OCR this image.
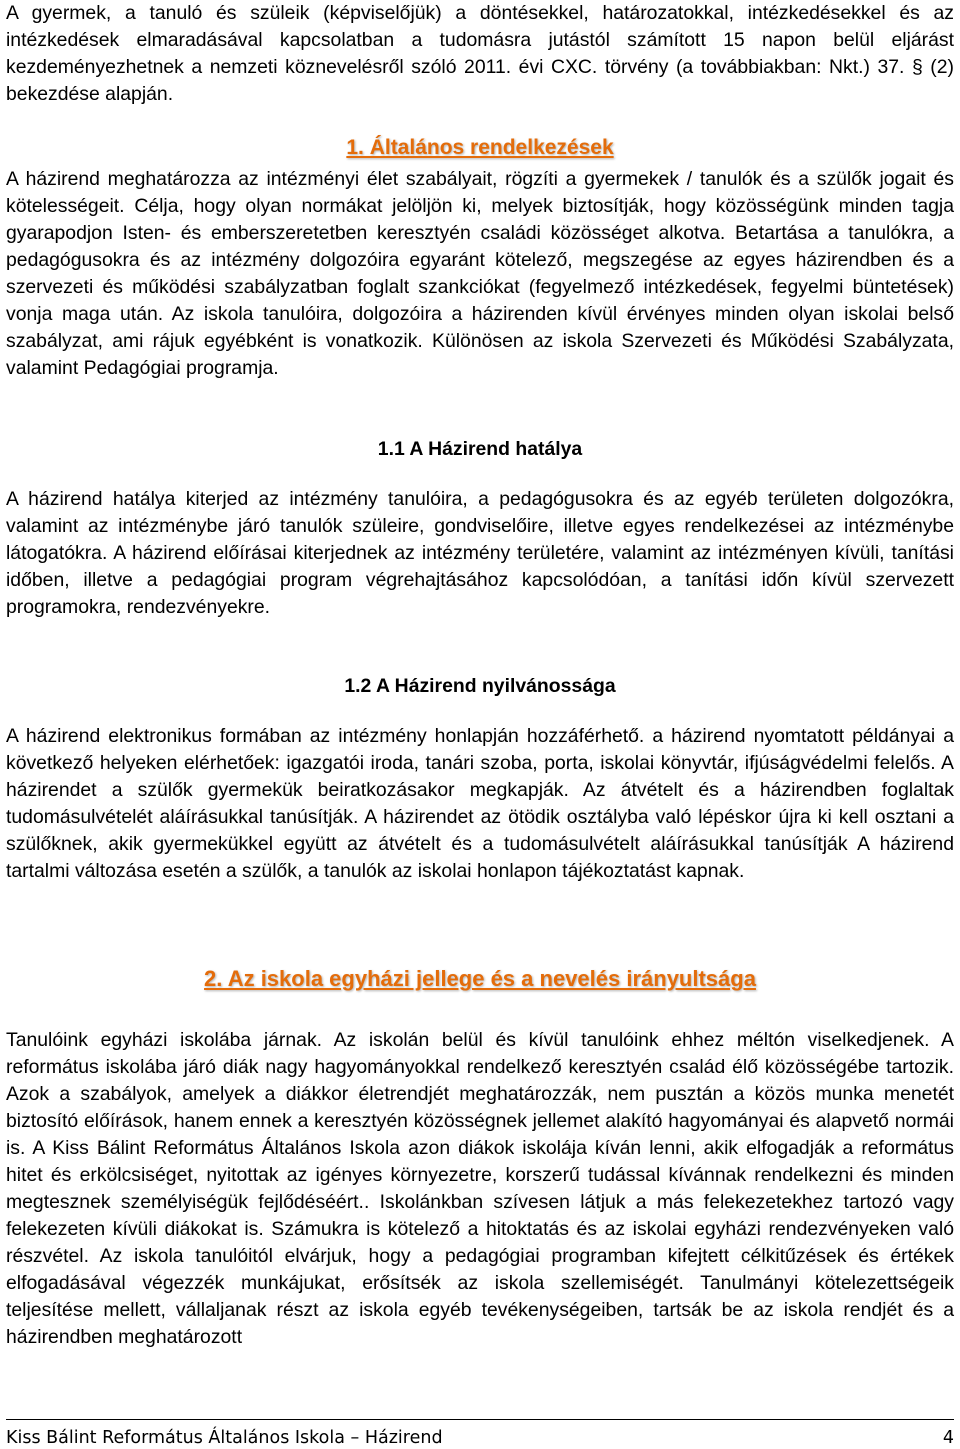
A gyermek, a tanuló és szüleik (képviselőjük) a döntésekkel, határozatokkal, intézkedésekkel és az intézkedések elmaradásával kapcsolatban a tudomásra jutástól számított 15 napon belül eljárást kezdeményezhetnek a nemzeti köznevelésről szóló 2011. évi CXC. törvény (a továbbiakban: Nkt.) 37. § (2) bekezdése alapján.

1. Általános rendelkezések

A házirend meghatározza az intézményi élet szabályait, rögzíti a gyermekek / tanulók és a szülők jogait és kötelességeit. Célja, hogy olyan normákat jelöljön ki, melyek biztosítják, hogy közösségünk minden tagja gyarapodjon Isten- és emberszeretetben keresztyén családi közösséget alkotva. Betartása a tanulókra, a pedagógusokra és az intézmény dolgozóira egyaránt kötelező, megszegése az egyes házirendben és a szervezeti és működési szabályzatban foglalt szankciókat (fegyelmező intézkedések, fegyelmi büntetések) vonja maga után. Az iskola tanulóira, dolgozóira a házirenden kívül érvényes minden olyan iskolai belső szabályzat, ami rájuk egyébként is vonatkozik. Különösen az iskola Szervezeti és Működési Szabályzata, valamint Pedagógiai programja.

1.1 A Házirend hatálya

A házirend hatálya kiterjed az intézmény tanulóira, a pedagógusokra és az egyéb területen dolgozókra, valamint az intézménybe járó tanulók szüleire, gondviselőire, illetve egyes rendelkezései az intézménybe látogatókra. A házirend előírásai kiterjednek az intézmény területére, valamint az intézményen kívüli, tanítási időben, illetve a pedagógiai program végrehajtásához kapcsolódóan, a tanítási időn kívül szervezett programokra, rendezvényekre.

1.2 A Házirend nyilvánossága

A házirend elektronikus formában az intézmény honlapján hozzáférhető. a házirend nyomtatott példányai a következő helyeken elérhetőek: igazgatói iroda, tanári szoba, porta, iskolai könyvtár, ifjúságvédelmi felelős. A házirendet a szülők gyermekük beiratkozásakor megkapják. Az átvételt és a házirendben foglaltak tudomásulvételét aláírásukkal tanúsítják. A házirendet az ötödik osztályba való lépéskor újra ki kell osztani a szülőknek, akik gyermekükkel együtt az átvételt és a tudomásulvételt aláírásukkal tanúsítják A házirend tartalmi változása esetén a szülők, a tanulók az iskolai honlapon tájékoztatást kapnak.

2. Az iskola egyházi jellege és a nevelés irányultsága

Tanulóink egyházi iskolába járnak. Az iskolán belül és kívül tanulóink ehhez méltón viselkedjenek. A református iskolába járó diák nagy hagyományokkal rendelkező keresztyén család élő közösségébe tartozik. Azok a szabályok, amelyek a diákkor életrendjét meghatározzák, nem pusztán a közös munka menetét biztosító előírások, hanem ennek a keresztyén közösségnek jellemet alakító hagyományai és alapvető normái is. A Kiss Bálint Református Általános Iskola azon diákok iskolája kíván lenni, akik elfogadják a református hitet és erkölcsiséget, nyitottak az igényes környezetre, korszerű tudással kívánnak rendelkezni és minden megtesznek személyiségük fejlődéséért.. Iskolánkban szívesen látjuk a más felekezetekhez tartozó vagy felekezeten kívüli diákokat is. Számukra is kötelező a hitoktatás és az iskolai egyházi rendezvényeken való részvétel. Az iskola tanulóitól elvárjuk, hogy a pedagógiai programban kifejtett célkitűzések és értékek elfogadásával végezzék munkájukat, erősítsék az iskola szellemiségét. Tanulmányi kötelezettségeik teljesítése mellett, vállaljanak részt az iskola egyéb tevékenységeiben, tartsák be az iskola rendjét és a házirendben meghatározott

Kiss Bálint Református Általános Iskola – Házirend	4
